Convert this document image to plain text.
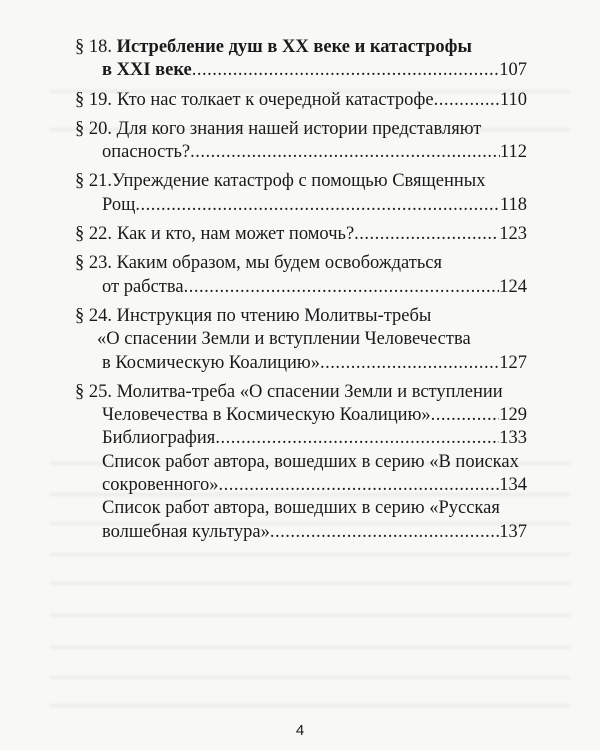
§ 18. Истребление душ в XX веке и катастрофы
в XXI веке .....	107
§ 19. Кто нас толкает к очередной катастрофе .....	110
§ 20. Для кого знания нашей истории представляют
опасность? .....	112
§ 21.Упреждение катастроф с помощью Священных
Рощ .....	118
§ 22. Как и кто, нам может помочь? .....	123
§ 23. Каким образом, мы будем освобождаться
от рабства .....	124
§ 24. Инструкция по чтению Молитвы-требы
«О спасении Земли и вступлении Человечества
в Космическую Коалицию» .....	127
§ 25. Молитва-треба «О спасении Земли и вступлении
Человечества в Космическую Коалицию» .....	129
Библиография .....	133
Список работ автора, вошедших в серию «В поисках
сокровенного» .....	134
Список работ автора, вошедших в серию «Русская
волшебная культура» .....	137
4
